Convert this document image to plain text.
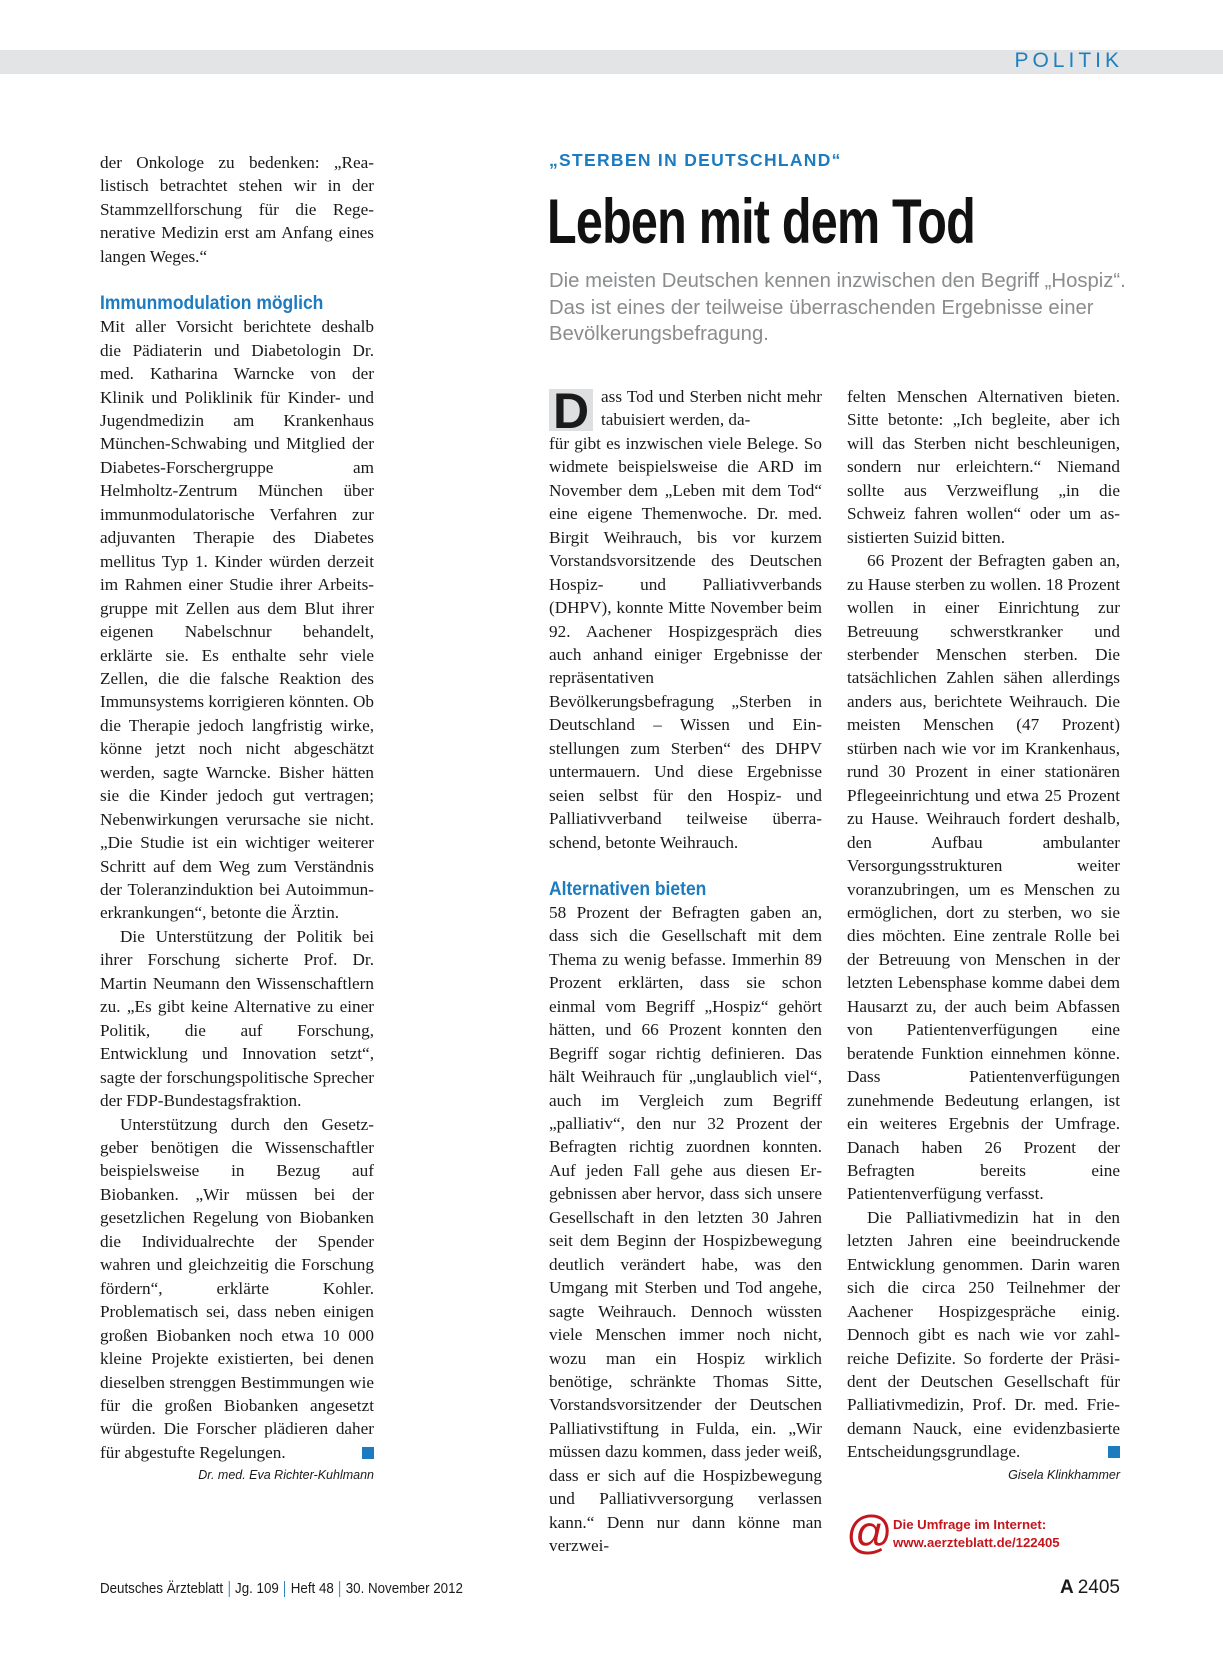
POLITIK

der Onkologe zu bedenken: „Realistisch betrachtet stehen wir in der Stammzellforschung für die Regenerative Medizin erst am Anfang eines langen Weges.“

Immunmodulation möglich

Mit aller Vorsicht berichtete deshalb die Pädiaterin und Diabetologin Dr. med. Katharina Warncke von der Klinik und Poliklinik für Kinder- und Jugendmedizin am Krankenhaus München-Schwabing und Mitglied der Diabetes-Forschergruppe am Helmholtz-Zentrum München über immunmodulatorische Verfahren zur adjuvanten Therapie des Diabetes mellitus Typ 1. Kinder würden derzeit im Rahmen einer Studie ihrer Arbeitsgruppe mit Zellen aus dem Blut ihrer eigenen Nabelschnur behandelt, erklärte sie. Es enthalte sehr viele Zellen, die die falsche Reaktion des Immunsystems korrigieren könnten. Ob die Therapie jedoch langfristig wirke, könne jetzt noch nicht abgeschätzt werden, sagte Warncke. Bisher hätten sie die Kinder jedoch gut vertragen; Nebenwirkungen verursache sie nicht. „Die Studie ist ein wichtiger weiterer Schritt auf dem Weg zum Verständnis der Toleranzinduktion bei Autoimmunerkrankungen“, betonte die Ärztin.

Die Unterstützung der Politik bei ihrer Forschung sicherte Prof. Dr. Martin Neumann den Wissenschaftlern zu. „Es gibt keine Alternative zu einer Politik, die auf Forschung, Entwicklung und Innovation setzt“, sagte der forschungspolitische Sprecher der FDP-Bundestagsfraktion.

Unterstützung durch den Gesetzgeber benötigen die Wissenschaftler beispielsweise in Bezug auf Biobanken. „Wir müssen bei der gesetzlichen Regelung von Biobanken die Individualrechte der Spender wahren und gleichzeitig die Forschung fördern“, erklärte Kohler. Problematisch sei, dass neben einigen großen Biobanken noch etwa 10 000 kleine Projekte existierten, bei denen dieselben strenggen Bestimmungen wie für die großen Biobanken angesetzt würden. Die Forscher plädieren daher für abgestufte Regelungen.

Dr. med. Eva Richter-Kuhlmann
„STERBEN IN DEUTSCHLAND“
Leben mit dem Tod
Die meisten Deutschen kennen inzwischen den Begriff „Hospiz“. Das ist eines der teilweise überraschenden Ergebnisse einer Bevölkerungsbefragung.
D ass Tod und Sterben nicht mehr tabuisiert werden, da-

für gibt es inzwischen viele Belege. So widmete beispielsweise die ARD im November dem „Leben mit dem Tod“ eine eigene Themenwoche. Dr. med. Birgit Weihrauch, bis vor kurzem Vorstandsvorsitzende des Deutschen Hospiz- und Palliativverbands (DHPV), konnte Mitte November beim 92. Aachener Hospizgespräch dies auch anhand einiger Ergebnisse der repräsentativen Bevölkerungsbefragung „Sterben in Deutschland – Wissen und Einstellungen zum Sterben“ des DHPV untermauern. Und diese Ergebnisse seien selbst für den Hospiz- und Palliativverband teilweise überraschend, betonte Weihrauch.

Alternativen bieten

58 Prozent der Befragten gaben an, dass sich die Gesellschaft mit dem Thema zu wenig befasse. Immerhin 89 Prozent erklärten, dass sie schon einmal vom Begriff „Hospiz“ gehört hätten, und 66 Prozent konnten den Begriff sogar richtig definieren. Das hält Weihrauch für „unglaublich viel“, auch im Vergleich zum Begriff „palliativ“, den nur 32 Prozent der Befragten richtig zuordnen konnten. Auf jeden Fall gehe aus diesen Ergebnissen aber hervor, dass sich unsere Gesellschaft in den letzten 30 Jahren seit dem Beginn der Hospizbewegung deutlich verändert habe, was den Umgang mit Sterben und Tod angehe, sagte Weihrauch. Dennoch wüssten viele Menschen immer noch nicht, wozu man ein Hospiz wirklich benötige, schränkte Thomas Sitte, Vorstandsvorsitzender der Deutschen Palliativstiftung in Fulda, ein. „Wir müssen dazu kommen, dass jeder weiß, dass er sich auf die Hospizbewegung und Palliativversorgung verlassen kann.“ Denn nur dann könne man verzwei-

felten Menschen Alternativen bieten. Sitte betonte: „Ich begleite, aber ich will das Sterben nicht beschleunigen, sondern nur erleichtern.“ Niemand sollte aus Verzweiflung „in die Schweiz fahren wollen“ oder um assistierten Suizid bitten.

66 Prozent der Befragten gaben an, zu Hause sterben zu wollen. 18 Prozent wollen in einer Einrichtung zur Betreuung schwerstkranker und sterbender Menschen sterben. Die tatsächlichen Zahlen sähen allerdings anders aus, berichtete Weihrauch. Die meisten Menschen (47 Prozent) stürben nach wie vor im Krankenhaus, rund 30 Prozent in einer stationären Pflegeeinrichtung und etwa 25 Prozent zu Hause. Weihrauch fordert deshalb, den Aufbau ambulanter Versorgungsstrukturen weiter voranzubringen, um es Menschen zu ermöglichen, dort zu sterben, wo sie dies möchten. Eine zentrale Rolle bei der Betreuung von Menschen in der letzten Lebensphase komme dabei dem Hausarzt zu, der auch beim Abfassen von Patientenverfügungen eine beratende Funktion einnehmen könne. Dass Patientenverfügungen zunehmende Bedeutung erlangen, ist ein weiteres Ergebnis der Umfrage. Danach haben 26 Prozent der Befragten bereits eine Patientenverfügung verfasst.

Die Palliativmedizin hat in den letzten Jahren eine beeindruckende Entwicklung genommen. Darin waren sich die circa 250 Teilnehmer der Aachener Hospizgespräche einig. Dennoch gibt es nach wie vor zahlreiche Defizite. So forderte der Präsident der Deutschen Gesellschaft für Palliativmedizin, Prof. Dr. med. Friedemann Nauck, eine evidenzbasierte Entscheidungsgrundlage.

Gisela Klinkhammer
@ Die Umfrage im Internet:
www.aerzteblatt.de/122405
Deutsches Ärzteblatt Jg. 109 Heft 48 30. November 2012	A 2405
